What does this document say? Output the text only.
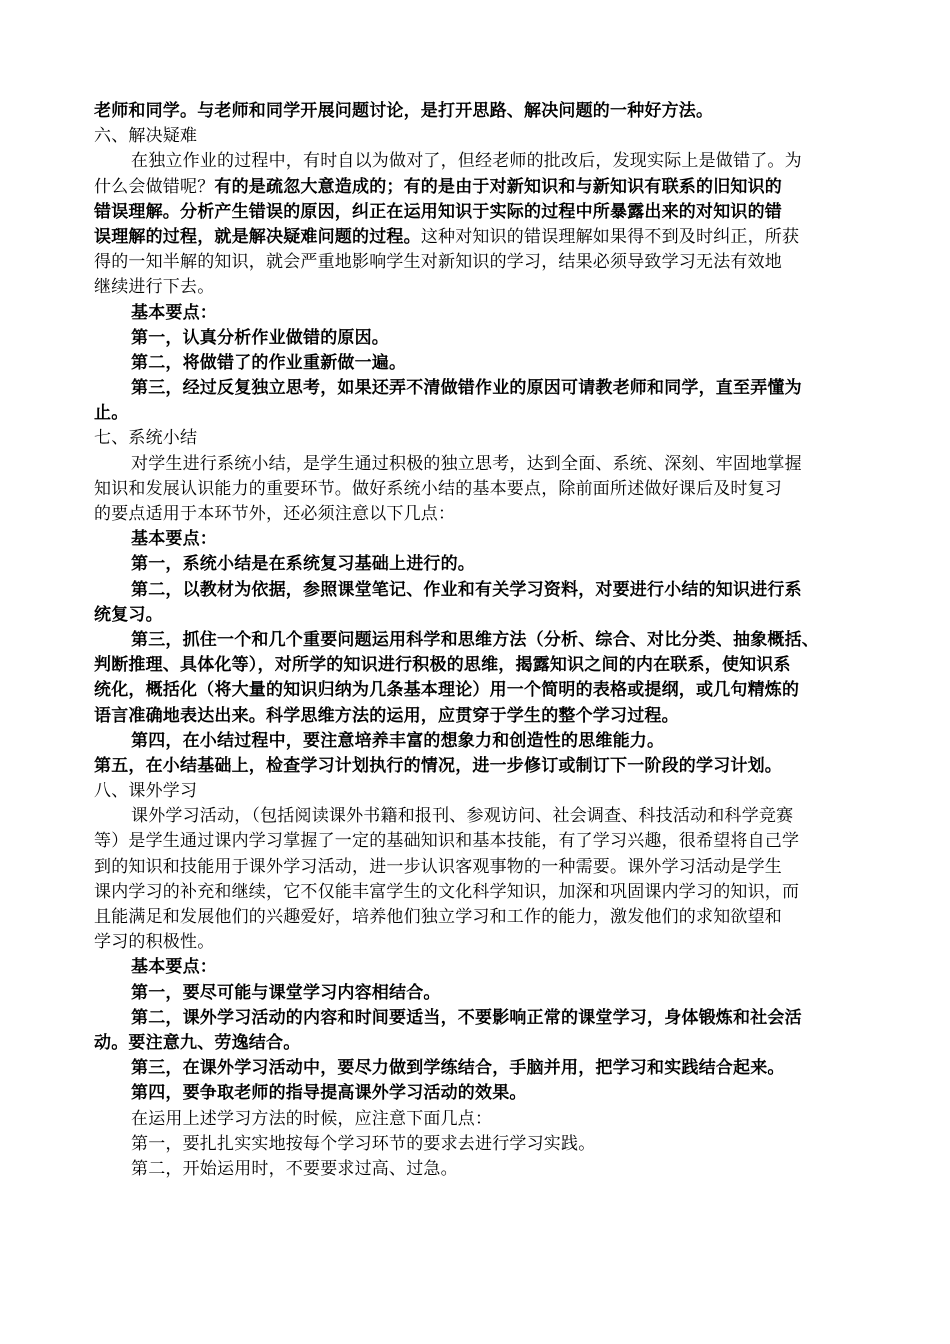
老师和同学。与老师和同学开展问题讨论，是打开思路、解决问题的一种好方法。
六、解决疑难
在独立作业的过程中，有时自以为做对了，但经老师的批改后，发现实际上是做错了。为
什么会做错呢？有的是疏忽大意造成的；有的是由于对新知识和与新知识有联系的旧知识的
错误理解。分析产生错误的原因，纠正在运用知识于实际的过程中所暴露出来的对知识的错
误理解的过程，就是解决疑难问题的过程。这种对知识的错误理解如果得不到及时纠正，所获
得的一知半解的知识，就会严重地影响学生对新知识的学习，结果必须导致学习无法有效地
继续进行下去。
基本要点：
第一，认真分析作业做错的原因。
第二，将做错了的作业重新做一遍。
第三，经过反复独立思考，如果还弄不清做错作业的原因可请教老师和同学，直至弄懂为
止。
七、系统小结
对学生进行系统小结，是学生通过积极的独立思考，达到全面、系统、深刻、牢固地掌握
知识和发展认识能力的重要环节。做好系统小结的基本要点，除前面所述做好课后及时复习
的要点适用于本环节外，还必须注意以下几点：
基本要点：
第一，系统小结是在系统复习基础上进行的。
第二，以教材为依据，参照课堂笔记、作业和有关学习资料，对要进行小结的知识进行系
统复习。
第三，抓住一个和几个重要问题运用科学和思维方法（分析、综合、对比分类、抽象概括、
判断推理、具体化等），对所学的知识进行积极的思维，揭露知识之间的内在联系，使知识系
统化，概括化（将大量的知识归纳为几条基本理论）用一个简明的表格或提纲，或几句精炼的
语言准确地表达出来。科学思维方法的运用，应贯穿于学生的整个学习过程。
第四，在小结过程中，要注意培养丰富的想象力和创造性的思维能力。
第五，在小结基础上，检查学习计划执行的情况，进一步修订或制订下一阶段的学习计划。
八、课外学习
课外学习活动，（包括阅读课外书籍和报刊、参观访问、社会调查、科技活动和科学竞赛
等）是学生通过课内学习掌握了一定的基础知识和基本技能，有了学习兴趣，很希望将自己学
到的知识和技能用于课外学习活动，进一步认识客观事物的一种需要。课外学习活动是学生
课内学习的补充和继续，它不仅能丰富学生的文化科学知识，加深和巩固课内学习的知识，而
且能满足和发展他们的兴趣爱好，培养他们独立学习和工作的能力，激发他们的求知欲望和
学习的积极性。
基本要点：
第一，要尽可能与课堂学习内容相结合。
第二，课外学习活动的内容和时间要适当，不要影响正常的课堂学习，身体锻炼和社会活
动。要注意九、劳逸结合。
第三，在课外学习活动中，要尽力做到学练结合，手脑并用，把学习和实践结合起来。
第四，要争取老师的指导提高课外学习活动的效果。
在运用上述学习方法的时候，应注意下面几点：
第一，要扎扎实实地按每个学习环节的要求去进行学习实践。
第二，开始运用时，不要要求过高、过急。
